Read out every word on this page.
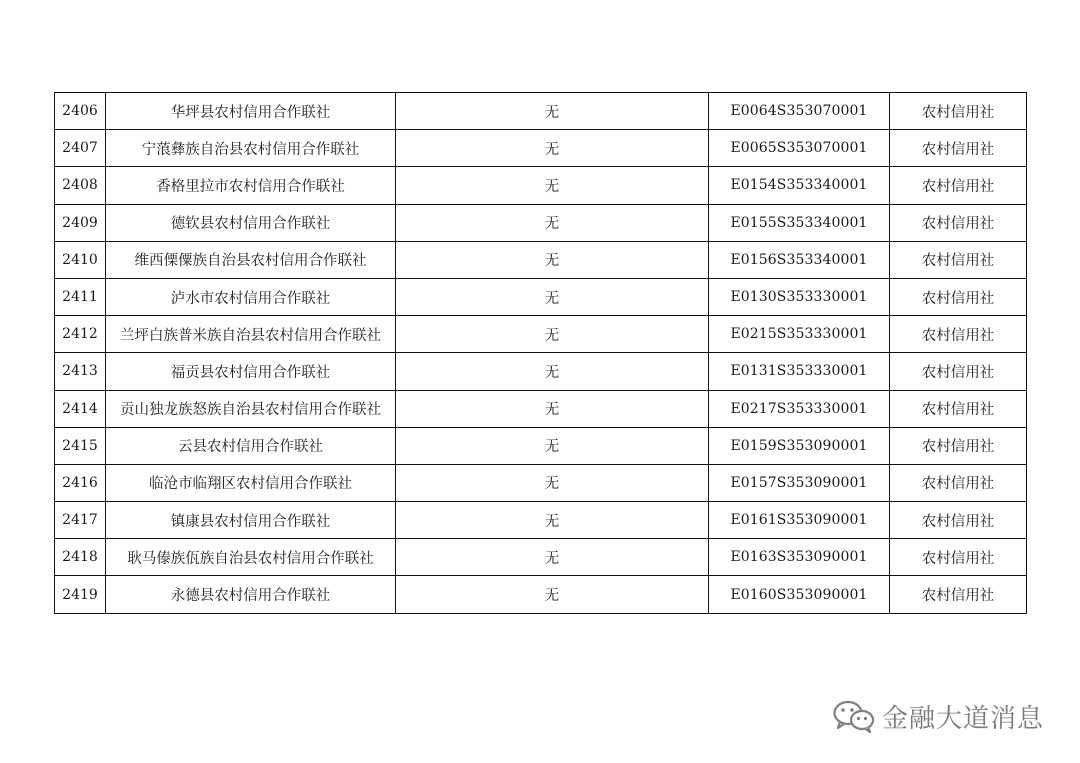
2406	华坪县农村信用合作联社	无	E0064S353070001	农村信用社
2407	宁蒗彝族自治县农村信用合作联社	无	E0065S353070001	农村信用社
2408	香格里拉市农村信用合作联社	无	E0154S353340001	农村信用社
2409	德钦县农村信用合作联社	无	E0155S353340001	农村信用社
2410	维西傈僳族自治县农村信用合作联社	无	E0156S353340001	农村信用社
2411	泸水市农村信用合作联社	无	E0130S353330001	农村信用社
2412	兰坪白族普米族自治县农村信用合作联社	无	E0215S353330001	农村信用社
2413	福贡县农村信用合作联社	无	E0131S353330001	农村信用社
2414	贡山独龙族怒族自治县农村信用合作联社	无	E0217S353330001	农村信用社
2415	云县农村信用合作联社	无	E0159S353090001	农村信用社
2416	临沧市临翔区农村信用合作联社	无	E0157S353090001	农村信用社
2417	镇康县农村信用合作联社	无	E0161S353090001	农村信用社
2418	耿马傣族佤族自治县农村信用合作联社	无	E0163S353090001	农村信用社
2419	永德县农村信用合作联社	无	E0160S353090001	农村信用社
金融大道消息
